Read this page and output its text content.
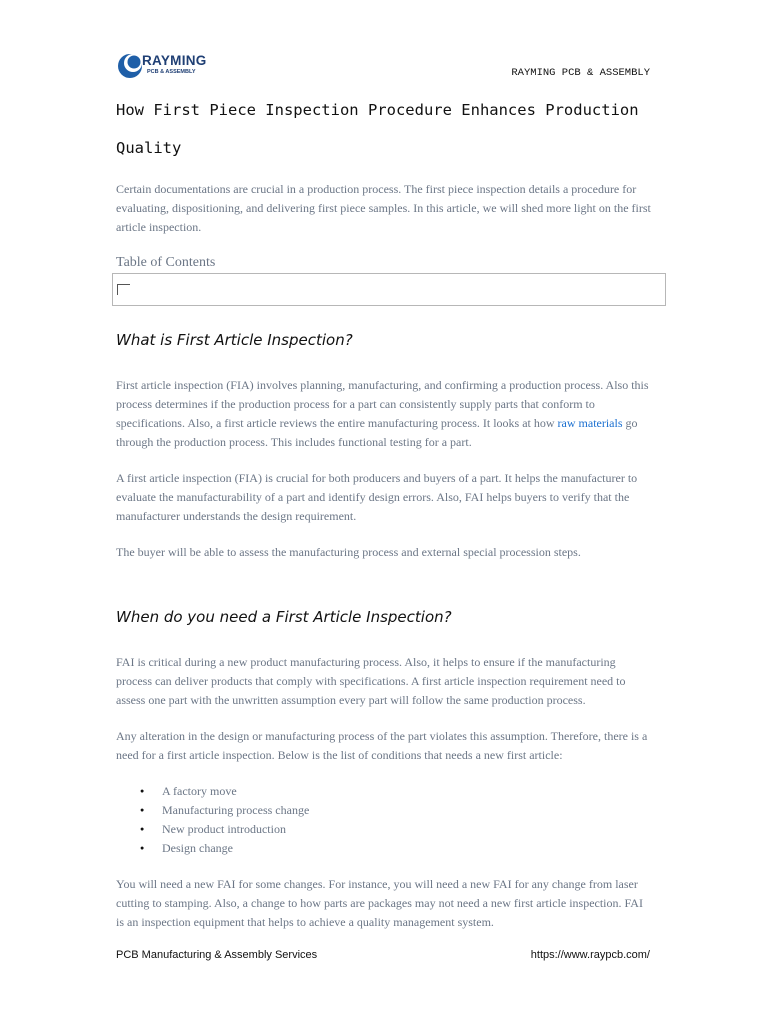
RAYMING
PCB & ASSEMBLY	RAYMING PCB & ASSEMBLY
How First Piece Inspection Procedure Enhances Production Quality

Certain documentations are crucial in a production process. The first piece inspection details a procedure for evaluating, dispositioning, and delivering first piece samples. In this article, we will shed more light on the first article inspection.

Table of Contents
What is First Article Inspection?

First article inspection (FIA) involves planning, manufacturing, and confirming a production process. Also this process determines if the production process for a part can consistently supply parts that conform to specifications. Also, a first article reviews the entire manufacturing process. It looks at how raw materials go through the production process. This includes functional testing for a part.

A first article inspection (FIA) is crucial for both producers and buyers of a part. It helps the manufacturer to evaluate the manufacturability of a part and identify design errors. Also, FAI helps buyers to verify that the manufacturer understands the design requirement.

The buyer will be able to assess the manufacturing process and external special procession steps.

When do you need a First Article Inspection?

FAI is critical during a new product manufacturing process. Also, it helps to ensure if the manufacturing process can deliver products that comply with specifications. A first article inspection requirement need to assess one part with the unwritten assumption every part will follow the same production process.

Any alteration in the design or manufacturing process of the part violates this assumption. Therefore, there is a need for a first article inspection. Below is the list of conditions that needs a new first article:

● A factory move
● Manufacturing process change
● New product introduction
● Design change

You will need a new FAI for some changes. For instance, you will need a new FAI for any change from laser cutting to stamping. Also, a change to how parts are packages may not need a new first article inspection. FAI is an inspection equipment that helps to achieve a quality management system.

PCB Manufacturing & Assembly Services	https://www.raypcb.com/
